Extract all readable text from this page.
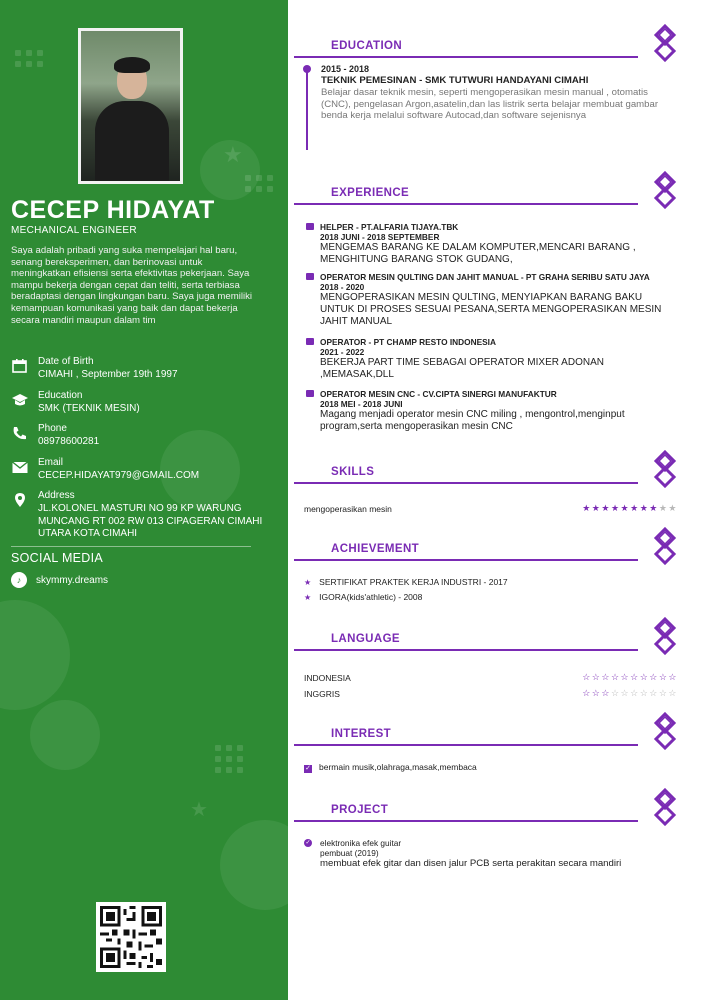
★
★
CECEP HIDAYAT
MECHANICAL ENGINEER
Saya adalah pribadi yang suka mempelajari hal baru, senang bereksperimen, dan berinovasi untuk meningkatkan efisiensi serta efektivitas pekerjaan. Saya mampu bekerja dengan cepat dan teliti, serta terbiasa beradaptasi dengan lingkungan baru. Saya juga memiliki kemampuan komunikasi yang baik dan dapat bekerja secara mandiri maupun dalam tim
Date of Birth
CIMAHI , September 19th 1997
Education
SMK (TEKNIK MESIN)
Phone
08978600281
Email
CECEP.HIDAYAT979@GMAIL.COM
Address
JL.KOLONEL MASTURI NO 99 KP WARUNG MUNCANG RT 002 RW 013 CIPAGERAN CIMAHI UTARA KOTA CIMAHI
SOCIAL MEDIA
♪	skymmy.dreams
EDUCATION
2015 - 2018
TEKNIK PEMESINAN - SMK TUTWURI HANDAYANI CIMAHI
Belajar dasar teknik mesin, seperti mengoperasikan mesin manual , otomatis (CNC), pengelasan Argon,asatelin,dan las listrik serta belajar membuat gambar benda kerja melalui software Autocad,dan software sejenisnya
EXPERIENCE
HELPER - PT.ALFARIA TIJAYA.TBK
2018 JUNI - 2018 SEPTEMBER
MENGEMAS BARANG KE DALAM KOMPUTER,MENCARI BARANG , MENGHITUNG BARANG STOK GUDANG,
OPERATOR MESIN QULTING DAN JAHIT MANUAL - PT GRAHA SERIBU SATU JAYA
2018 - 2020
MENGOPERASIKAN MESIN QULTING, MENYIAPKAN BARANG BAKU UNTUK DI PROSES SESUAI PESANA,SERTA MENGOPERASIKAN MESIN JAHIT MANUAL
OPERATOR - PT CHAMP RESTO INDONESIA
2021 - 2022
BEKERJA PART TIME SEBAGAI OPERATOR MIXER ADONAN ,MEMASAK,DLL
OPERATOR MESIN CNC - CV.CIPTA SINERGI MANUFAKTUR
2018 MEI - 2018 JUNI
Magang menjadi operator mesin CNC miling , mengontrol,menginput program,serta mengoperasikan mesin CNC
SKILLS
mengoperasikan mesin	★★★★★★★★★★
ACHIEVEMENT
★ SERTIFIKAT PRAKTEK KERJA INDUSTRI - 2017
★ IGORA(kids'athletic) - 2008
LANGUAGE
INDONESIA	☆☆☆☆☆☆☆☆☆☆
INGGRIS	☆☆☆☆☆☆☆☆☆☆
INTEREST
✓ bermain musik,olahraga,masak,membaca
PROJECT
✓ elektronika efek guitar
pembuat (2019)
membuat efek gitar dan disen jalur PCB serta perakitan secara mandiri
